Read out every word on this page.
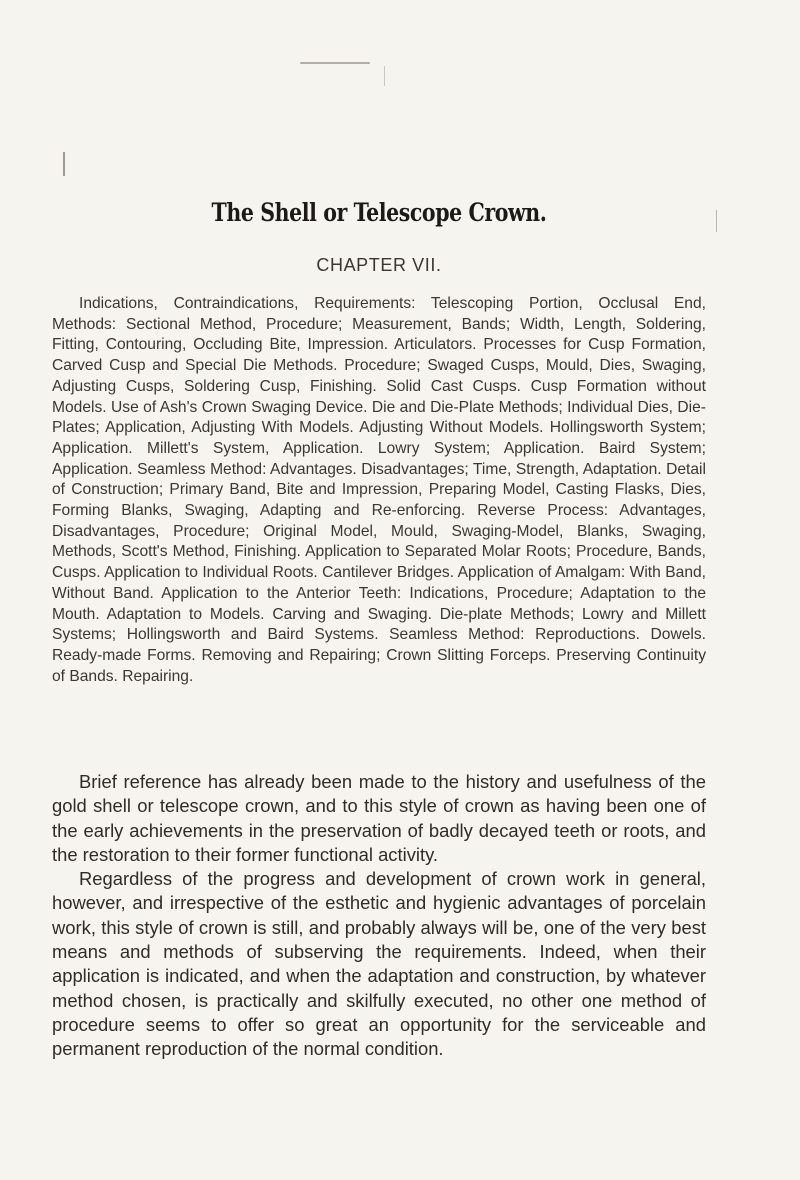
The Shell or Telescope Crown.
CHAPTER VII.

Indications, Contraindications, Requirements: Telescoping Portion, Occlusal End, Methods: Sectional Method, Procedure; Measurement, Bands; Width, Length, Soldering, Fitting, Contouring, Occluding Bite, Impression. Articulators. Processes for Cusp Formation, Carved Cusp and Special Die Methods. Procedure; Swaged Cusps, Mould, Dies, Swaging, Adjusting Cusps, Soldering Cusp, Finishing. Solid Cast Cusps. Cusp Formation without Models. Use of Ash's Crown Swaging Device. Die and Die-Plate Methods; Individual Dies, Die-Plates; Application, Adjusting With Models. Adjusting Without Models. Hollingsworth System; Application. Millett's System, Application. Lowry System; Application. Baird System; Application. Seamless Method: Advantages. Disadvantages; Time, Strength, Adaptation. Detail of Construction; Primary Band, Bite and Impression, Preparing Model, Casting Flasks, Dies, Forming Blanks, Swaging, Adapting and Re-enforcing. Reverse Process: Advantages, Disadvantages, Procedure; Original Model, Mould, Swaging-Model, Blanks, Swaging, Methods, Scott's Method, Finishing. Application to Separated Molar Roots; Procedure, Bands, Cusps. Application to Individual Roots. Cantilever Bridges. Application of Amalgam: With Band, Without Band. Application to the Anterior Teeth: Indications, Procedure; Adaptation to the Mouth. Adaptation to Models. Carving and Swaging. Die-plate Methods; Lowry and Millett Systems; Hollingsworth and Baird Systems. Seamless Method: Reproductions. Dowels. Ready-made Forms. Removing and Repairing; Crown Slitting Forceps. Preserving Continuity of Bands. Repairing.

Brief reference has already been made to the history and usefulness of the gold shell or telescope crown, and to this style of crown as having been one of the early achievements in the preservation of badly decayed teeth or roots, and the restoration to their former functional activity.

Regardless of the progress and development of crown work in general, however, and irrespective of the esthetic and hygienic advantages of porcelain work, this style of crown is still, and probably always will be, one of the very best means and methods of subserving the requirements. Indeed, when their application is indicated, and when the adaptation and construction, by whatever method chosen, is practically and skilfully executed, no other one method of procedure seems to offer so great an opportunity for the serviceable and permanent reproduction of the normal condition.
